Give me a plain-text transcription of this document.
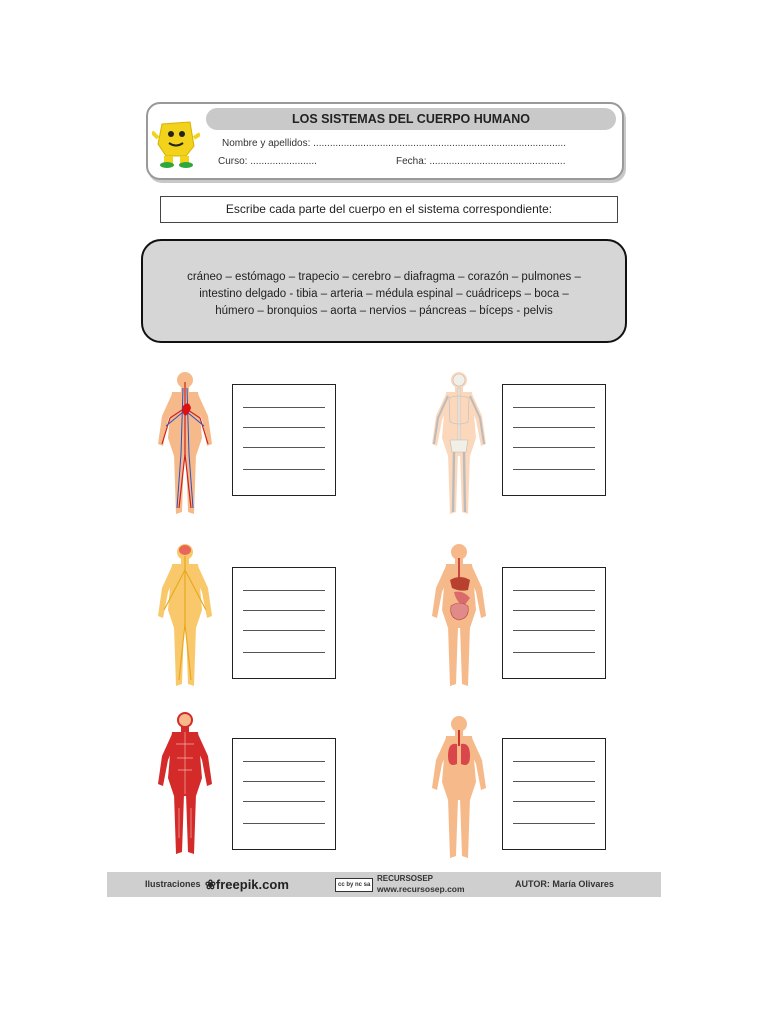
LOS SISTEMAS DEL CUERPO HUMANO
Nombre y apellidos: ...........................................................................................
Curso: ........................	Fecha: .................................................
Escribe cada parte del cuerpo en el sistema correspondiente:
cráneo – estómago – trapecio – cerebro – diafragma – corazón – pulmones –
intestino delgado - tibia – arteria – médula espinal – cuádriceps – boca –
húmero – bronquios – aorta – nervios – páncreas – bíceps - pelvis
Ilustraciones ❀freepik.com	cc by nc sa
RECURSOSEP
www.recursosep.com	AUTOR: María Olivares
